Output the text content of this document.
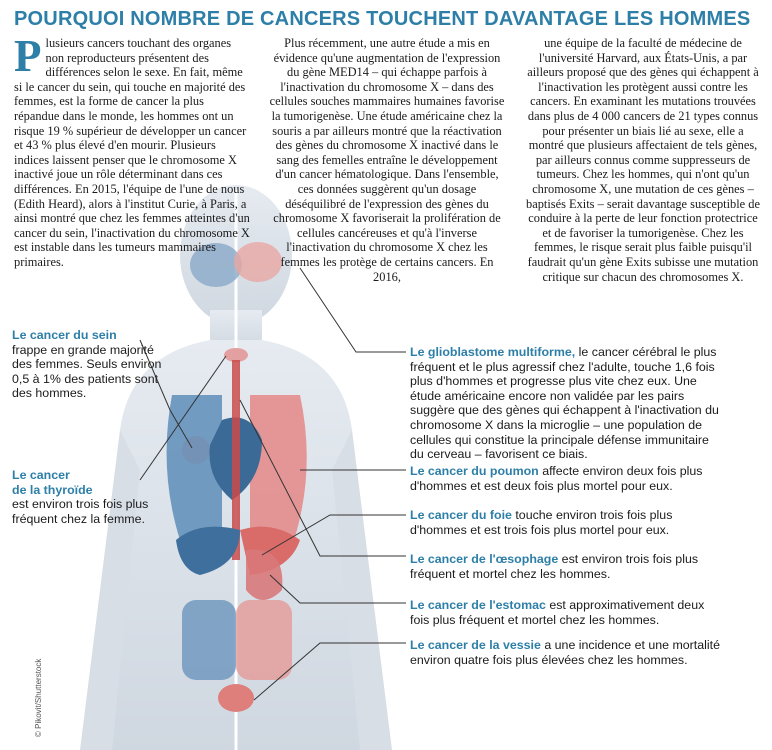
POURQUOI NOMBRE DE CANCERS TOUCHENT DAVANTAGE LES HOMMES
Plusieurs cancers touchant des organes non reproducteurs présentent des différences selon le sexe. En fait, même si le cancer du sein, qui touche en majorité des femmes, est la forme de cancer la plus répandue dans le monde, les hommes ont un risque 19 % supérieur de développer un cancer et 43 % plus élevé d'en mourir. Plusieurs indices laissent penser que le chromosome X inactivé joue un rôle déterminant dans ces différences. En 2015, l'équipe de l'une de nous (Edith Heard), alors à l'institut Curie, à Paris, a ainsi montré que chez les femmes atteintes d'un cancer du sein, l'inactivation du chromosome X est instable dans les tumeurs mammaires primaires.
Plus récemment, une autre étude a mis en évidence qu'une augmentation de l'expression du gène MED14 – qui échappe parfois à l'inactivation du chromosome X – dans des cellules souches mammaires humaines favorise la tumorigenèse. Une étude américaine chez la souris a par ailleurs montré que la réactivation des gènes du chromosome X inactivé dans le sang des femelles entraîne le développement d'un cancer hématologique. Dans l'ensemble, ces données suggèrent qu'un dosage déséquilibré de l'expression des gènes du chromosome X favoriserait la prolifération de cellules cancéreuses et qu'à l'inverse l'inactivation du chromosome X chez les femmes les protège de certains cancers. En 2016,
une équipe de la faculté de médecine de l'université Harvard, aux États-Unis, a par ailleurs proposé que des gènes qui échappent à l'inactivation les protègent aussi contre les cancers. En examinant les mutations trouvées dans plus de 4 000 cancers de 21 types connus pour présenter un biais lié au sexe, elle a montré que plusieurs affectaient de tels gènes, par ailleurs connus comme suppresseurs de tumeurs. Chez les hommes, qui n'ont qu'un chromosome X, une mutation de ces gènes – baptisés Exits – serait davantage susceptible de conduire à la perte de leur fonction protectrice et de favoriser la tumorigenèse. Chez les femmes, le risque serait plus faible puisqu'il faudrait qu'un gène Exits subisse une mutation critique sur chacun des chromosomes X.
Le cancer du sein
frappe en grande majorité des femmes. Seuls environ 0,5 à 1% des patients sont des hommes.
Le cancer
de la thyroïde
est environ trois fois plus fréquent chez la femme.
Le glioblastome multiforme, le cancer cérébral le plus fréquent et le plus agressif chez l'adulte, touche 1,6 fois plus d'hommes et progresse plus vite chez eux. Une étude américaine encore non validée par les pairs suggère que des gènes qui échappent à l'inactivation du chromosome X dans la microglie – une population de cellules qui constitue la principale défense immunitaire du cerveau – favorisent ce biais.
Le cancer du poumon affecte environ deux fois plus d'hommes et est deux fois plus mortel pour eux.
Le cancer du foie touche environ trois fois plus d'hommes et est trois fois plus mortel pour eux.
Le cancer de l'œsophage est environ trois fois plus fréquent et mortel chez les hommes.
Le cancer de l'estomac est approximativement deux fois plus fréquent et mortel chez les hommes.
Le cancer de la vessie a une incidence et une mortalité environ quatre fois plus élevées chez les hommes.
© Pikovit/Shutterstock
